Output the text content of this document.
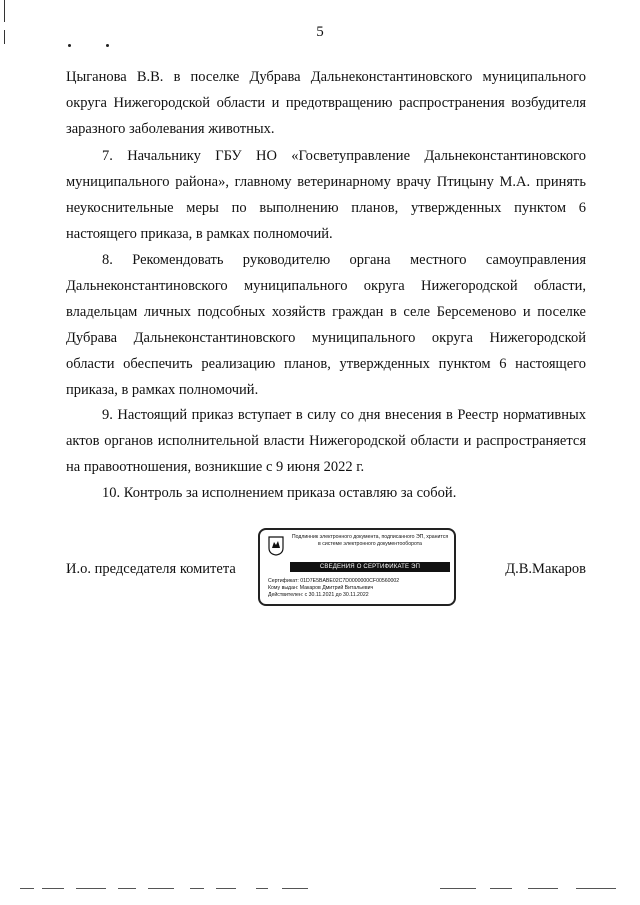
5

Цыганова В.В. в поселке Дубрава Дальнеконстантиновского муниципального округа Нижегородской области и предотвращению распространения возбудителя заразного заболевания животных.

7. Начальнику ГБУ НО «Госветуправление Дальнеконстантиновского муниципального района», главному ветеринарному врачу Птицыну М.А. принять неукоснительные меры по выполнению планов, утвержденных пунктом 6 настоящего приказа, в рамках полномочий.

8. Рекомендовать руководителю органа местного самоуправления Дальнеконстантиновского муниципального округа Нижегородской области, владельцам личных подсобных хозяйств граждан в селе Берсеменово и поселке Дубрава Дальнеконстантиновского муниципального округа Нижегородской области обеспечить реализацию планов, утвержденных пунктом 6 настоящего приказа, в рамках полномочий.

9. Настоящий приказ вступает в силу со дня внесения в Реестр нормативных актов органов исполнительной власти Нижегородской области и распространяется на правоотношения, возникшие с 9 июня 2022 г.

10. Контроль за исполнением приказа оставляю за собой.

И.о. председателя комитета	Д.В.Макаров
Подлинник электронного документа, подписанного ЭП, хранится в системе электронного документооборота
СВЕДЕНИЯ О СЕРТИФИКАТЕ ЭП
Сертификат: 01D7E5BABE02C7D0000000CF00560002
Кому выдан: Макаров Дмитрий Витальевич
Действителен: с 30.11.2021 до 30.11.2022
